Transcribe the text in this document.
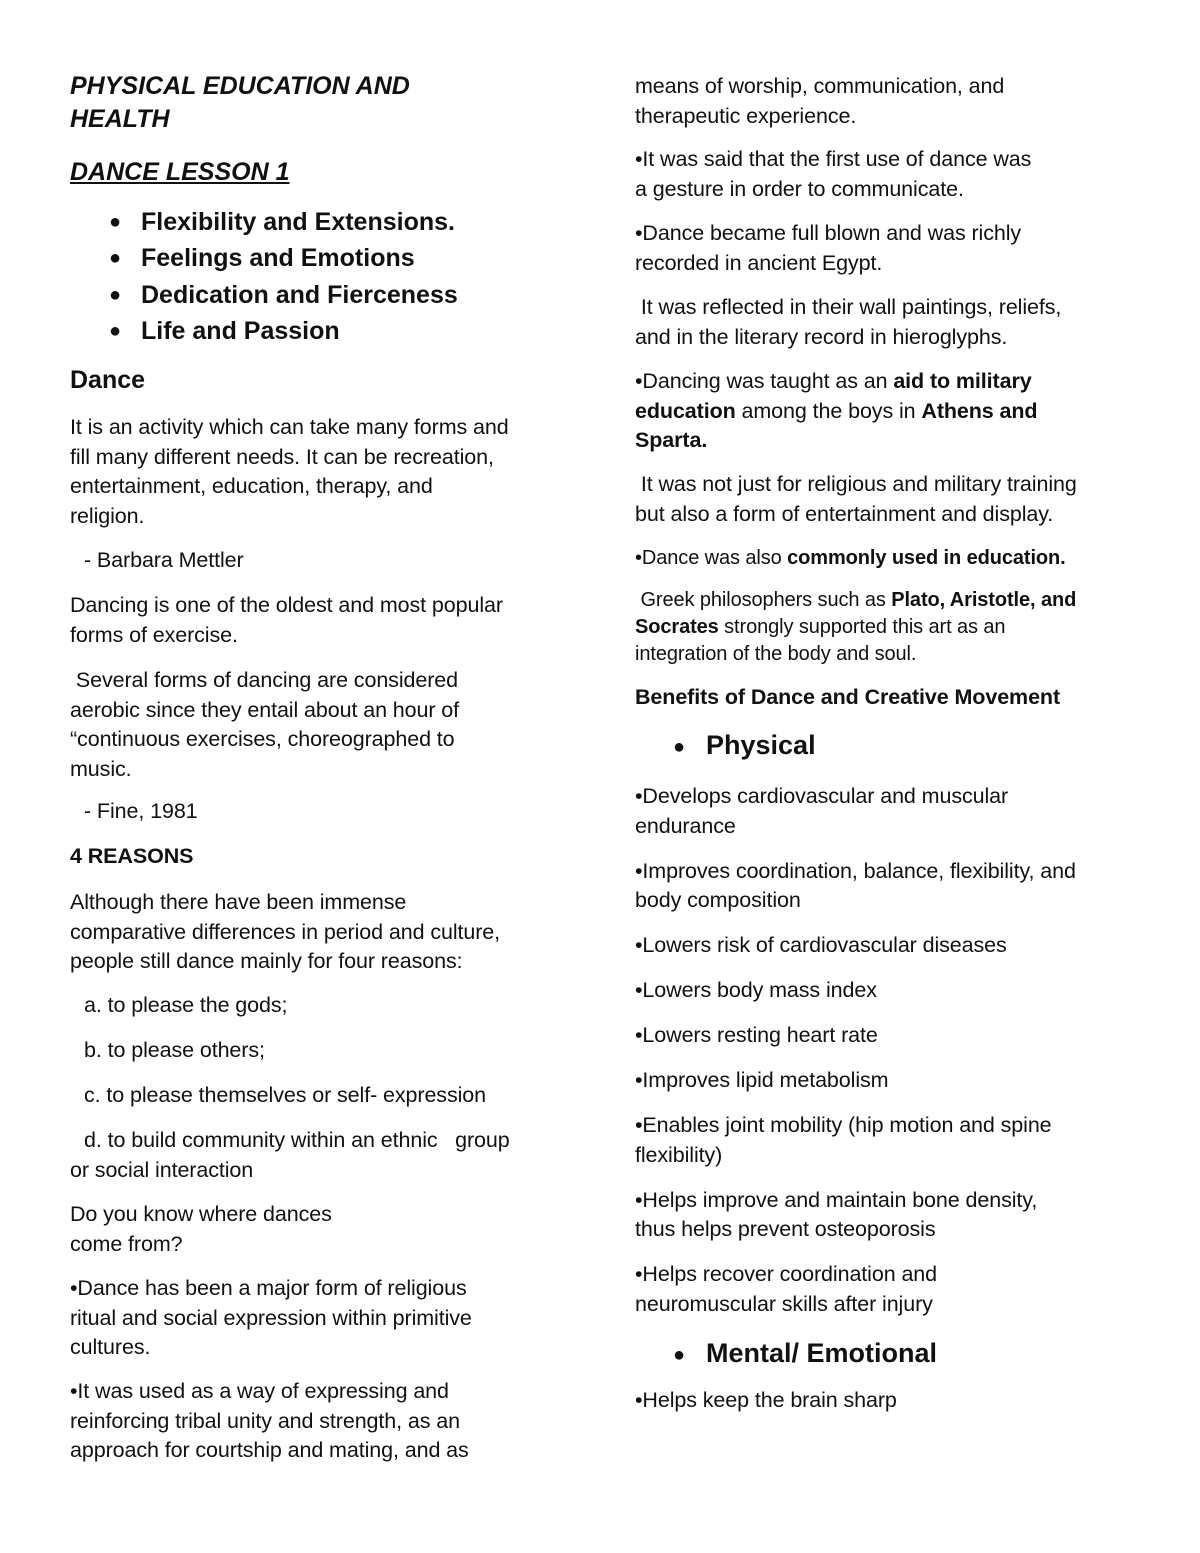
PHYSICAL EDUCATION AND
HEALTH
DANCE LESSON 1
● Flexibility and Extensions.
● Feelings and Emotions
● Dedication and Fierceness
● Life and Passion
Dance

It is an activity which can take many forms and

fill many different needs. It can be recreation,

entertainment, education, therapy, and

religion.

- Barbara Mettler

Dancing is one of the oldest and most popular

forms of exercise.

Several forms of dancing are considered

aerobic since they entail about an hour of

“continuous exercises, choreographed to

music.

- Fine, 1981

4 REASONS

Although there have been immense

comparative differences in period and culture,

people still dance mainly for four reasons:

a. to please the gods;

b. to please others;

c. to please themselves or self- expression

d. to build community within an ethnic   group

or social interaction

Do you know where dances

come from?

•Dance has been a major form of religious

ritual and social expression within primitive

cultures.

•It was used as a way of expressing and

reinforcing tribal unity and strength, as an

approach for courtship and mating, and as

means of worship, communication, and

therapeutic experience.

•It was said that the first use of dance was

a gesture in order to communicate.

•Dance became full blown and was richly

recorded in ancient Egypt.

It was reflected in their wall paintings, reliefs,

and in the literary record in hieroglyphs.

•Dancing was taught as an aid to military

education among the boys in Athens and

Sparta.

It was not just for religious and military training

but also a form of entertainment and display.

•Dance was also commonly used in education.

Greek philosophers such as Plato, Aristotle, and

Socrates strongly supported this art as an

integration of the body and soul.

Benefits of Dance and Creative Movement

● Physical

•Develops cardiovascular and muscular

endurance

•Improves coordination, balance, flexibility, and

body composition

•Lowers risk of cardiovascular diseases

•Lowers body mass index

•Lowers resting heart rate

•Improves lipid metabolism

•Enables joint mobility (hip motion and spine

flexibility)

•Helps improve and maintain bone density,

thus helps prevent osteoporosis

•Helps recover coordination and

neuromuscular skills after injury

● Mental/ Emotional

•Helps keep the brain sharp
